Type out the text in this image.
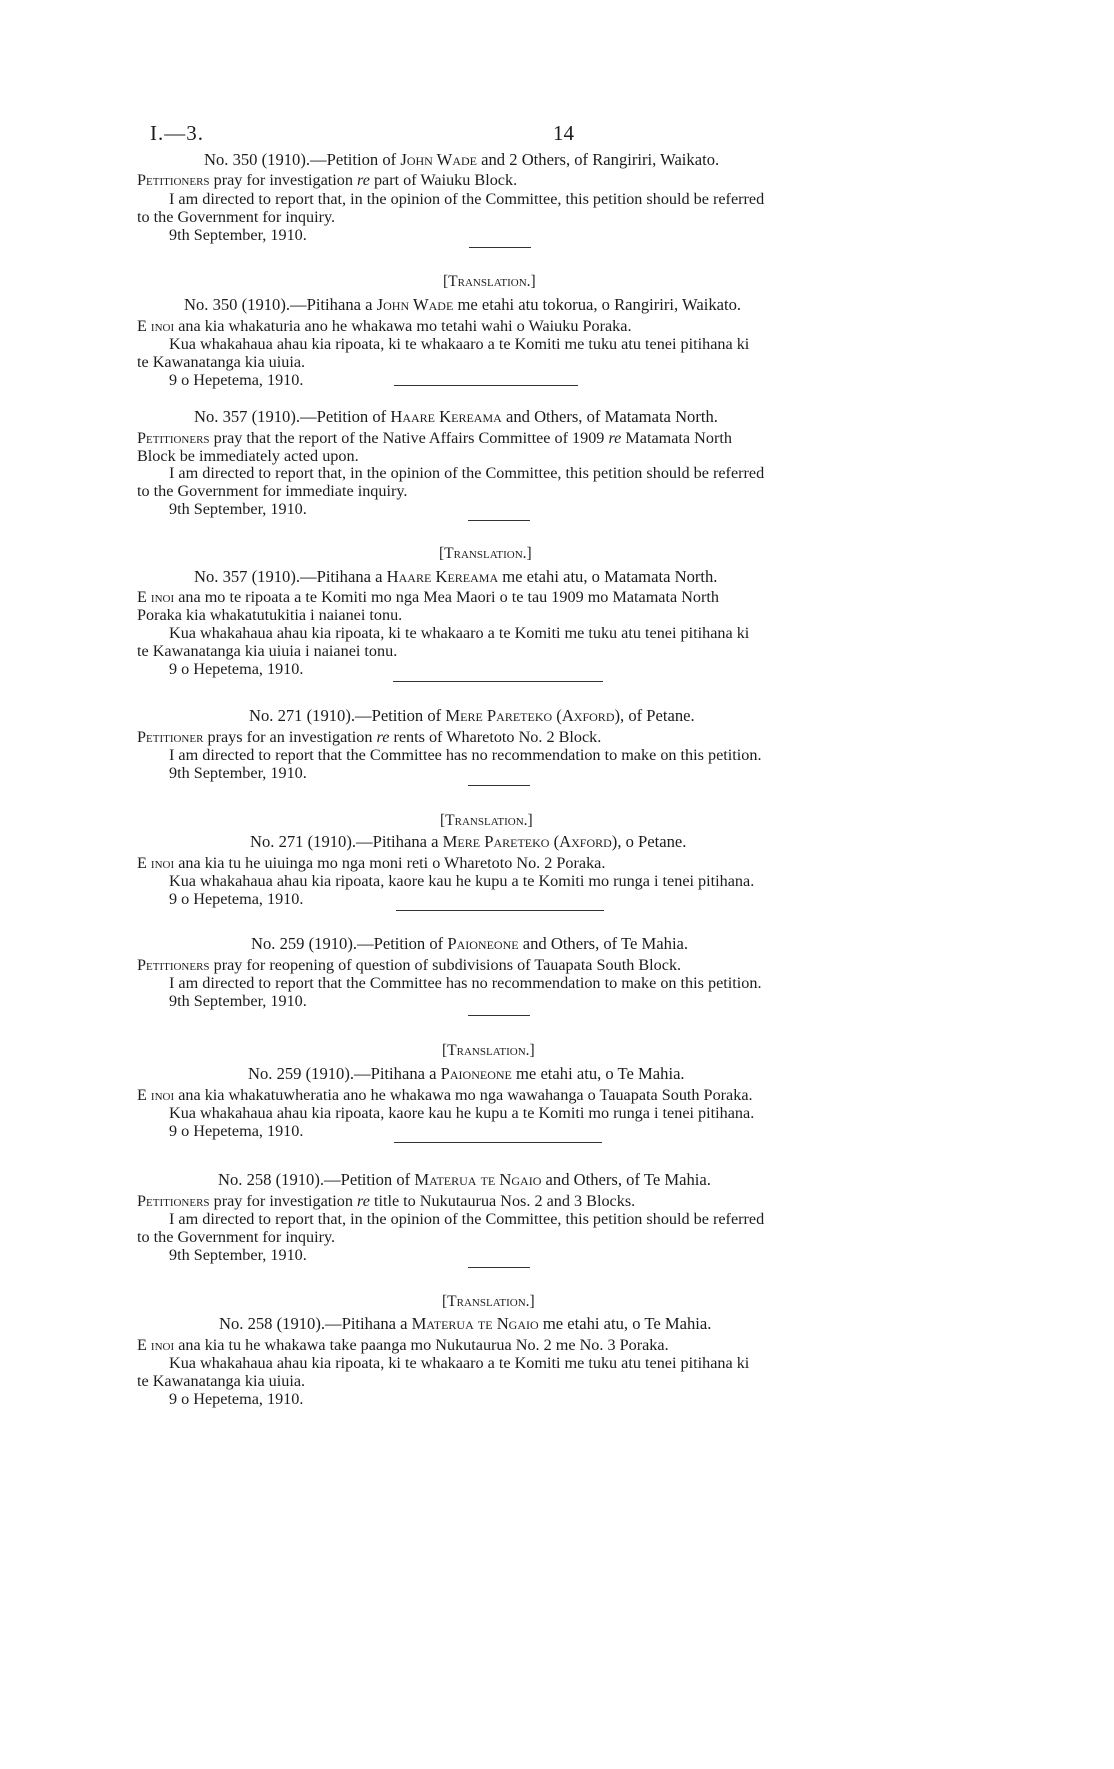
I.—3.	14
No. 350 (1910).—Petition of John Wade and 2 Others, of Rangiriri, Waikato.
Petitioners pray for investigation re part of Waiuku Block.
I am directed to report that, in the opinion of the Committee, this petition should be referred
to the Government for inquiry.
9th September, 1910.
[Translation.]
No. 350 (1910).—Pitihana a John Wade me etahi atu tokorua, o Rangiriri, Waikato.
E inoi ana kia whakaturia ano he whakawa mo tetahi wahi o Waiuku Poraka.
Kua whakahaua ahau kia ripoata, ki te whakaaro a te Komiti me tuku atu tenei pitihana ki
te Kawanatanga kia uiuia.
9 o Hepetema, 1910.
No. 357 (1910).—Petition of Haare Kereama and Others, of Matamata North.
Petitioners pray that the report of the Native Affairs Committee of 1909 re Matamata North
Block be immediately acted upon.
I am directed to report that, in the opinion of the Committee, this petition should be referred
to the Government for immediate inquiry.
9th September, 1910.
[Translation.]
No. 357 (1910).—Pitihana a Haare Kereama me etahi atu, o Matamata North.
E inoi ana mo te ripoata a te Komiti mo nga Mea Maori o te tau 1909 mo Matamata North
Poraka kia whakatutukitia i naianei tonu.
Kua whakahaua ahau kia ripoata, ki te whakaaro a te Komiti me tuku atu tenei pitihana ki
te Kawanatanga kia uiuia i naianei tonu.
9 o Hepetema, 1910.
No. 271 (1910).—Petition of Mere Pareteko (Axford), of Petane.
Petitioner prays for an investigation re rents of Wharetoto No. 2 Block.
I am directed to report that the Committee has no recommendation to make on this petition.
9th September, 1910.
[Translation.]
No. 271 (1910).—Pitihana a Mere Pareteko (Axford), o Petane.
E inoi ana kia tu he uiuinga mo nga moni reti o Wharetoto No. 2 Poraka.
Kua whakahaua ahau kia ripoata, kaore kau he kupu a te Komiti mo runga i tenei pitihana.
9 o Hepetema, 1910.
No. 259 (1910).—Petition of Paioneone and Others, of Te Mahia.
Petitioners pray for reopening of question of subdivisions of Tauapata South Block.
I am directed to report that the Committee has no recommendation to make on this petition.
9th September, 1910.
[Translation.]
No. 259 (1910).—Pitihana a Paioneone me etahi atu, o Te Mahia.
E inoi ana kia whakatuwheratia ano he whakawa mo nga wawahanga o Tauapata South Poraka.
Kua whakahaua ahau kia ripoata, kaore kau he kupu a te Komiti mo runga i tenei pitihana.
9 o Hepetema, 1910.
No. 258 (1910).—Petition of Materua te Ngaio and Others, of Te Mahia.
Petitioners pray for investigation re title to Nukutaurua Nos. 2 and 3 Blocks.
I am directed to report that, in the opinion of the Committee, this petition should be referred
to the Government for inquiry.
9th September, 1910.
[Translation.]
No. 258 (1910).—Pitihana a Materua te Ngaio me etahi atu, o Te Mahia.
E inoi ana kia tu he whakawa take paanga mo Nukutaurua No. 2 me No. 3 Poraka.
Kua whakahaua ahau kia ripoata, ki te whakaaro a te Komiti me tuku atu tenei pitihana ki
te Kawanatanga kia uiuia.
9 o Hepetema, 1910.
